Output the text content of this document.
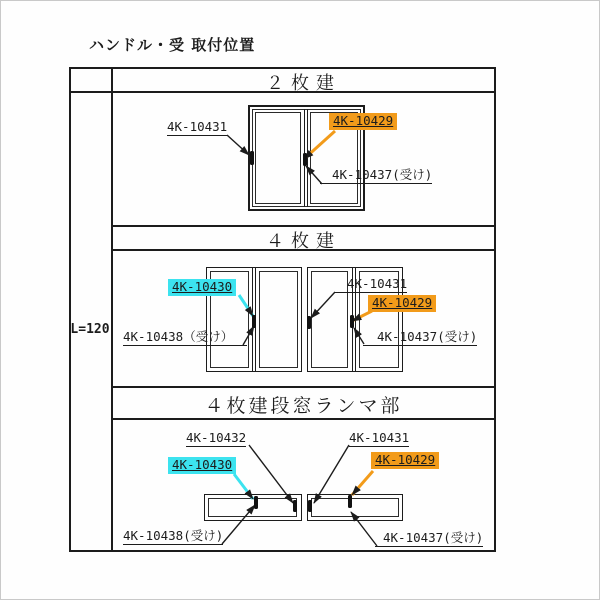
ハンドル・受 取付位置
２枚建
４枚建
４枚建段窓ランマ部
L=120
4K-10431	4K-10429
4K-10437(受け)
4K-10430	4K-10431
4K-10429
4K-10438（受け）	4K-10437(受け)
4K-10432	4K-10431
4K-10430	4K-10429
4K-10438(受け)	4K-10437(受け)
